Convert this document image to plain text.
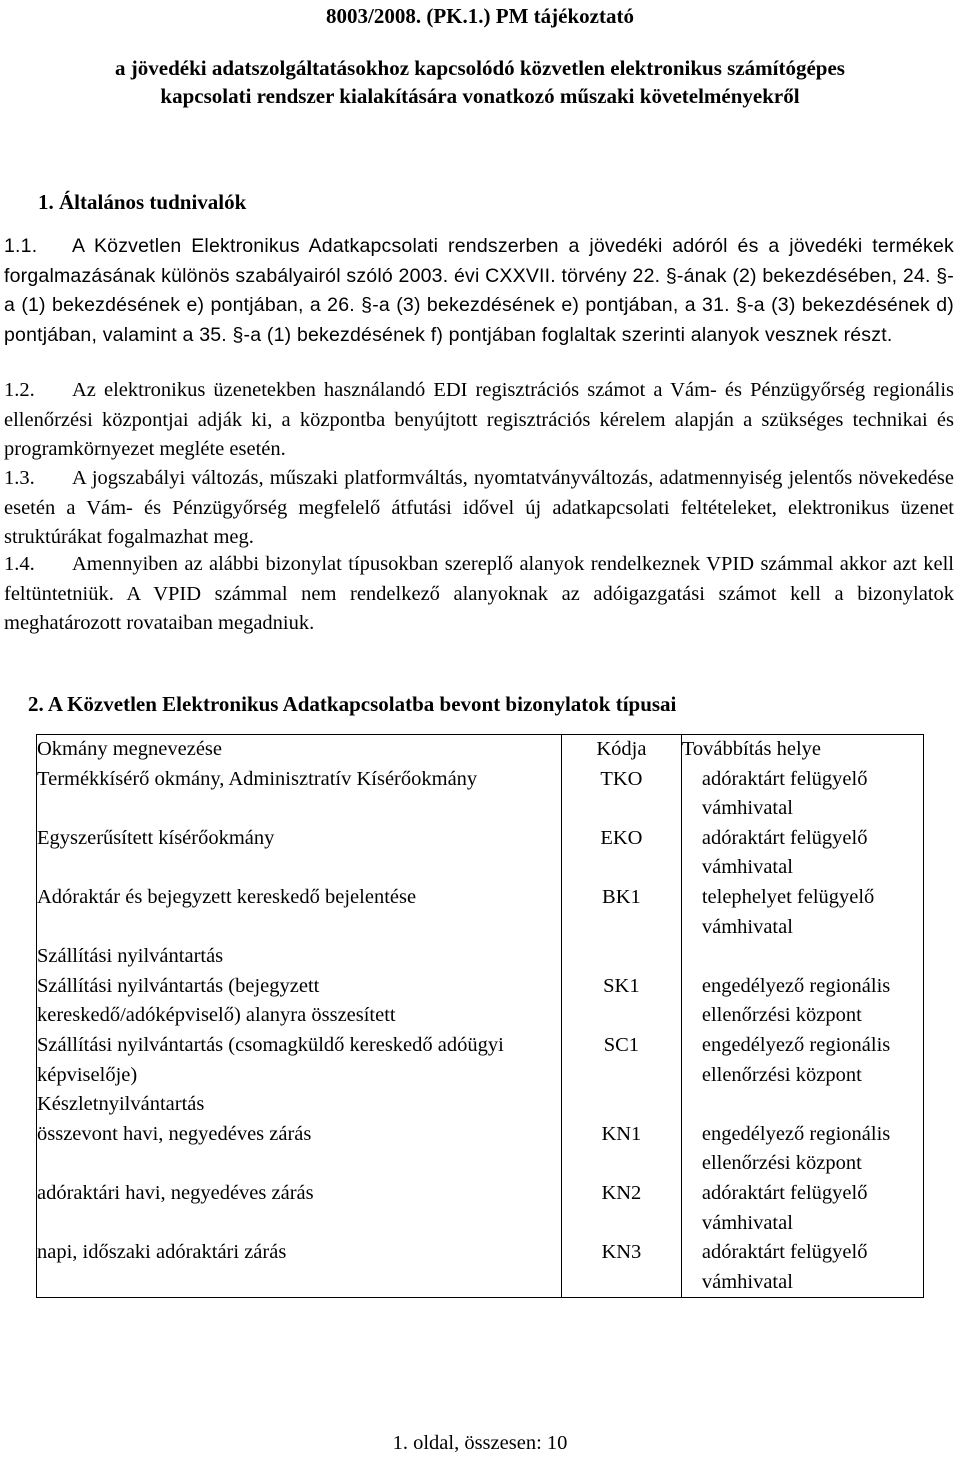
8003/2008. (PK.1.) PM tájékoztató
a jövedéki adatszolgáltatásokhoz kapcsolódó közvetlen elektronikus számítógépes
kapcsolati rendszer kialakítására vonatkozó műszaki követelményekről
1. Általános tudnivalók
1.1. A Közvetlen Elektronikus Adatkapcsolati rendszerben a jövedéki adóról és a jövedéki termékek forgalmazásának különös szabályairól szóló 2003. évi CXXVII. törvény 22. §-ának (2) bekezdésében, 24. §-a (1) bekezdésének e) pontjában, a 26. §-a (3) bekezdésének e) pontjában, a 31. §-a (3) bekezdésének d) pontjában, valamint a 35. §-a (1) bekezdésének f) pontjában foglaltak szerinti alanyok vesznek részt.
1.2. Az elektronikus üzenetekben használandó EDI regisztrációs számot a Vám- és Pénzügyőrség regionális ellenőrzési központjai adják ki, a központba benyújtott regisztrációs kérelem alapján a szükséges technikai és programkörnyezet megléte esetén.
1.3. A jogszabályi változás, műszaki platformváltás, nyomtatványváltozás, adatmennyiség jelentős növekedése esetén a Vám- és Pénzügyőrség megfelelő átfutási idővel új adatkapcsolati feltételeket, elektronikus üzenet struktúrákat fogalmazhat meg.
1.4. Amennyiben az alábbi bizonylat típusokban szereplő alanyok rendelkeznek VPID számmal akkor azt kell feltüntetniük. A VPID számmal nem rendelkező alanyoknak az adóigazgatási számot kell a bizonylatok meghatározott rovataiban megadniuk.
2. A Közvetlen Elektronikus Adatkapcsolatba bevont bizonylatok típusai
Okmány megnevezése	Kódja	Továbbítás helye
Termékkísérő okmány, Adminisztratív Kísérőokmány	TKO	adóraktárt felügyelő
vámhivatal

Egyszerűsített kísérőokmány	EKO	adóraktárt felügyelő
vámhivatal

Adóraktár és bejegyzett kereskedő bejelentése	BK1	telephelyet felügyelő
vámhivatal

Szállítási nyilvántartás		

Szállítási nyilvántartás (bejegyzett kereskedő/adóképviselő) alanyra összesített	SK1	engedélyező regionális
ellenőrzési központ

Szállítási nyilvántartás (csomagküldő kereskedő adóügyi képviselője)	SC1	engedélyező regionális
ellenőrzési központ

Készletnyilvántartás		

összevont havi, negyedéves zárás	KN1	engedélyező regionális
ellenőrzési központ

adóraktári havi, negyedéves zárás	KN2	adóraktárt felügyelő
vámhivatal

napi, időszaki adóraktári zárás	KN3	adóraktárt felügyelő
vámhivatal
1. oldal, összesen: 10
